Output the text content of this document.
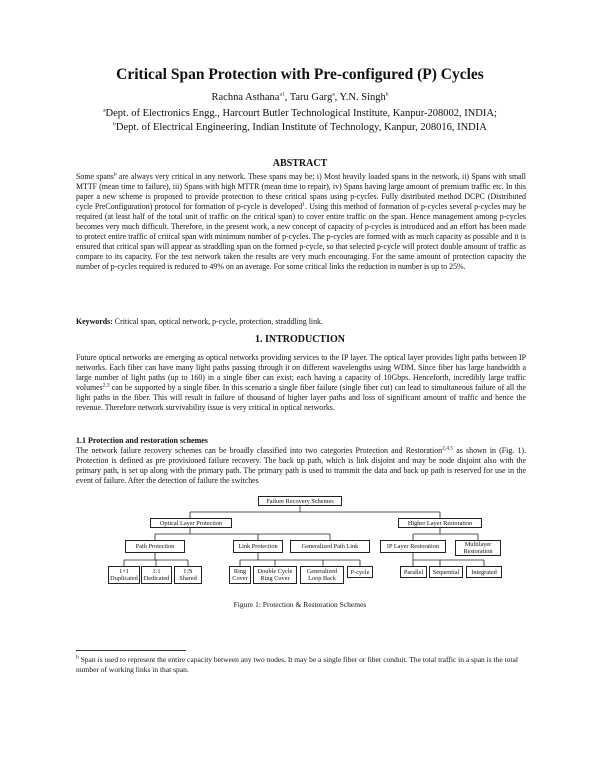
Critical Span Protection with Pre-configured (P) Cycles
Rachna Asthana$^{a1}$, Taru Garg$^a$, Y.N. Singh$^b$
$^a$Dept. of Electronics Engg., Harcourt Butler Technological Institute, Kanpur-208002, INDIA;
$^b$Dept. of Electrical Engineering, Indian Institute of Technology, Kanpur, 208016, INDIA
ABSTRACT
Some spans$^b$ are always very critical in any network. These spans may be; i) Most heavily loaded spans in the network, ii) Spans with small MTTF (mean time to failure), iii) Spans with high MTTR (mean time to repair), iv) Spans having large amount of premium traffic etc. In this paper a new scheme is proposed to provide protection to these critical spans using p-cycles. Fully distributed method DCPC (Distributed cycle PreConfiguration) protocol for formation of p-cycle is developed$^1$. Using this method of formation of p-cycles several p-cycles may be required (at least half of the total unit of traffic on the critical span) to cover entire traffic on the span. Hence management among p-cycles becomes very much difficult. Therefore, in the present work, a new concept of capacity of p-cycles is introduced and an effort has been made to protect entire traffic of critical span with minimum number of p-cycles. The p-cycles are formed with as much capacity as possible and it is ensured that critical span will appear as straddling span on the formed p-cycle, so that selected p-cycle will protect double amount of traffic as compare to its capacity. For the test network taken the results are very much encouraging. For the same amount of protection capacity the number of p-cycles required is reduced to 49% on an average. For some critical links the reduction in number is up to 25%.
Keywords: Critical span, optical network, p-cycle, protection, straddling link.
1. INTRODUCTION
Future optical networks are emerging as optical networks providing services to the IP layer. The optical layer provides light paths between IP networks. Each fiber can have many light paths passing through it on different wavelengths using WDM. Since fiber has large bandwidth a large number of light paths (up to 160) in a single fiber can exist; each having a capacity of 10Gbps. Henceforth, incredibly large traffic volumes$^{2,3}$ can be supported by a single fiber. In this scenario a single fiber failure (single fiber cut) can lead to simultaneous failure of all the light paths in the fiber. This will result in failure of thousand of higher layer paths and loss of significant amount of traffic and hence the revenue. Therefore network survivability issue is very critical in optical networks.
1.1 Protection and restoration schemes
The network failure recovery schemes can be broadly classified into two categories Protection and Restoration$^{2,4,5}$ as shown in (Fig. 1). Protection is defined as pre provisioned failure recovery. The back up path, which is link disjoint and may be node disjoint also with the primary path, is set up along with the primary path. The primary path is used to transmit the data and back up path is reserved for use in the event of failure. After the detection of failure the switches
Failure Recovery Schemes
Optical Layer Protection	Higher Layer Restoration
Path Protection	Link Protection	Generalized Path Link	IP Layer Restoration	Multilayer Restoration
1+1 Duplicated
1:1 Dedicated
1:N Shared
Ring Cover
Double Cycle Ring Cover
Generalized Loop Back
P-cycle	Parallel	Sequential	Integrated
Figure 1: Protection & Restoration Schemes
$^b$ Span is used to represent the entire capacity between any two nodes. It may be a single fiber or fiber conduit. The total traffic in a span is the total number of working links in that span.
